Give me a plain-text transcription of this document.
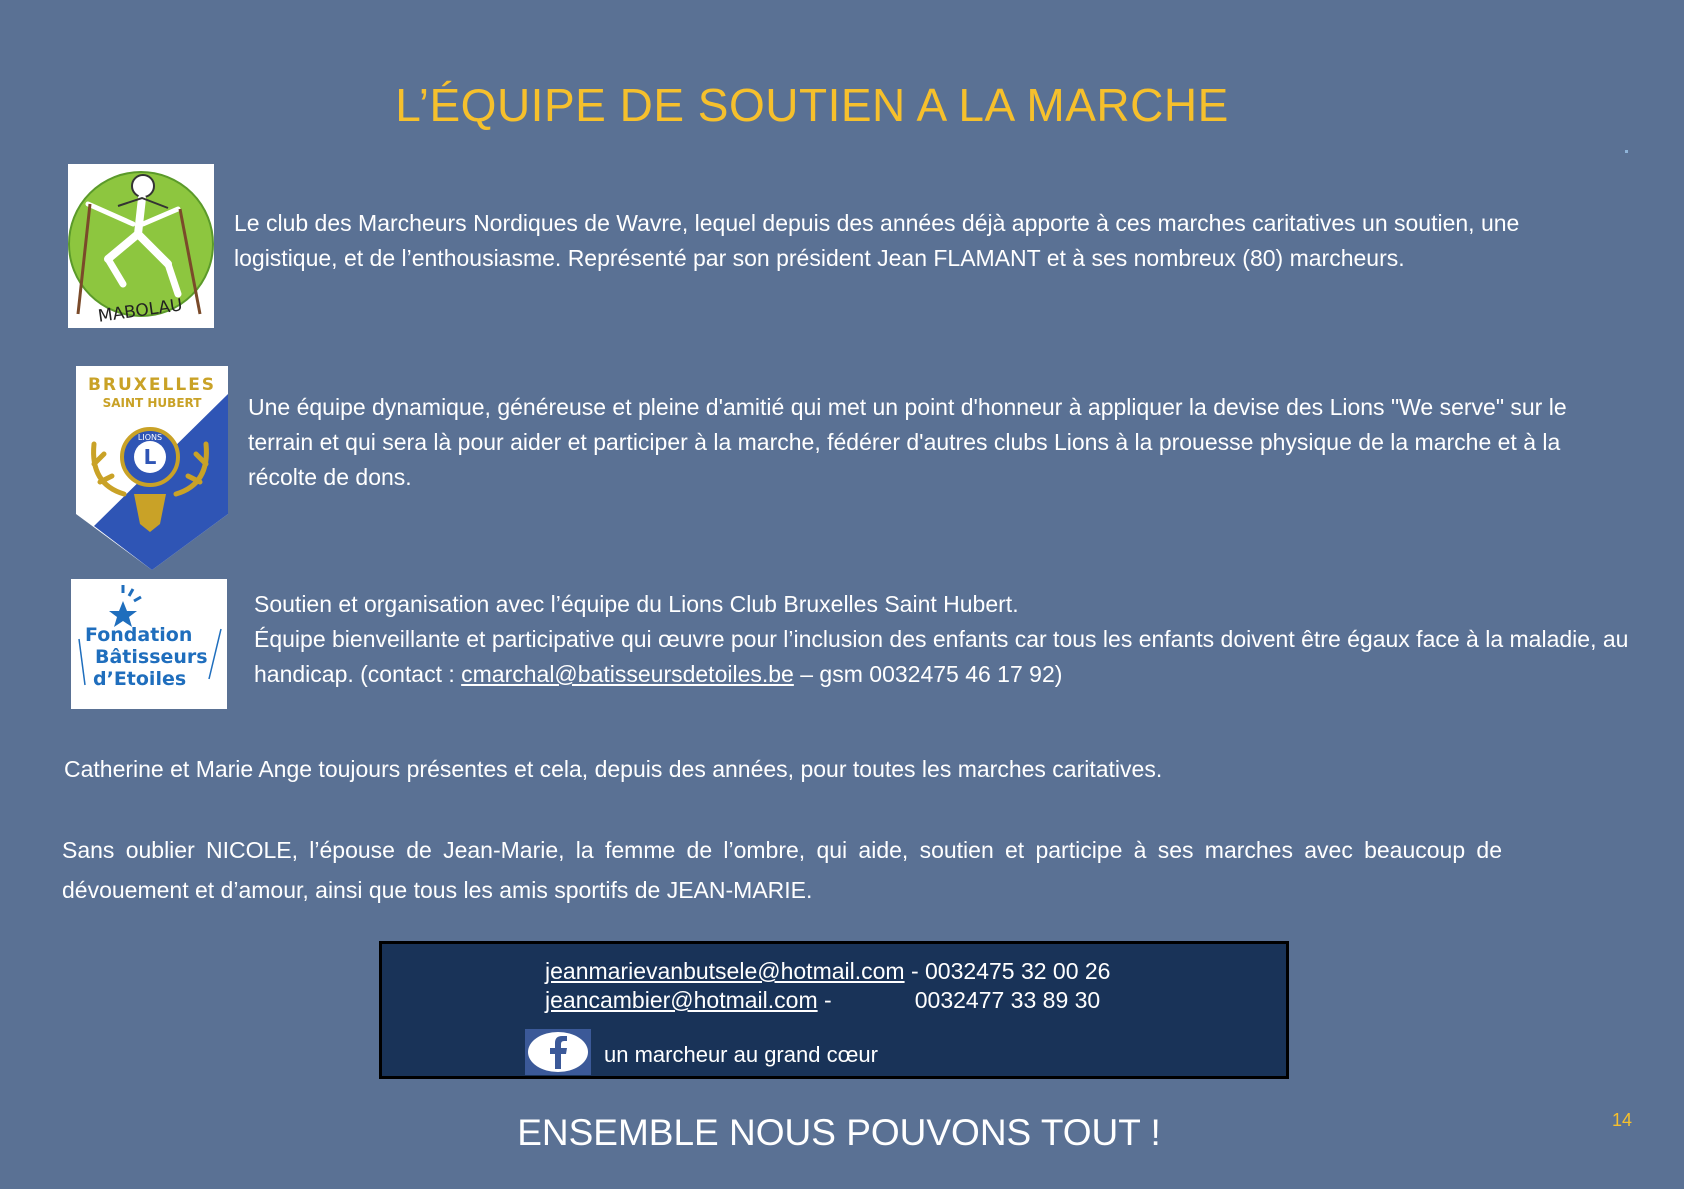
L’ÉQUIPE DE SOUTIEN A LA MARCHE
MABOLAU
Le club des Marcheurs Nordiques de Wavre, lequel depuis des années déjà apporte à ces marches caritatives un soutien, une logistique, et de l’enthousiasme. Représenté par son président Jean FLAMANT et à ses nombreux (80) marcheurs.
BRUXELLES
SAINT HUBERT
L
LIONS
Une équipe dynamique, généreuse et pleine d'amitié qui met un point d'honneur à appliquer la devise des Lions "We serve" sur le terrain et qui sera là pour aider et participer à la marche, fédérer d'autres clubs Lions à la prouesse physique de la marche et à la récolte de dons.
Fondation
Bâtisseurs
d’Etoiles
Soutien et organisation avec l’équipe du Lions Club Bruxelles Saint Hubert.
Équipe bienveillante et participative qui œuvre pour l’inclusion des enfants car tous les enfants doivent être égaux face à la maladie, au handicap. (contact : cmarchal@batisseursdetoiles.be – gsm 0032475 46 17 92)
Catherine et Marie Ange toujours présentes et cela, depuis des années, pour toutes les marches caritatives.
Sans oublier NICOLE, l’épouse de Jean-Marie, la femme de l’ombre, qui aide, soutien et participe à ses marches avec beaucoup de dévouement et d’amour, ainsi que tous les amis sportifs de JEAN-MARIE.
jeanmarievanbutsele@hotmail.com - 0032475 32 00 26
jeancambier@hotmail.com -             0032477 33 89 30
un marcheur au grand cœur
ENSEMBLE NOUS POUVONS TOUT !	14
